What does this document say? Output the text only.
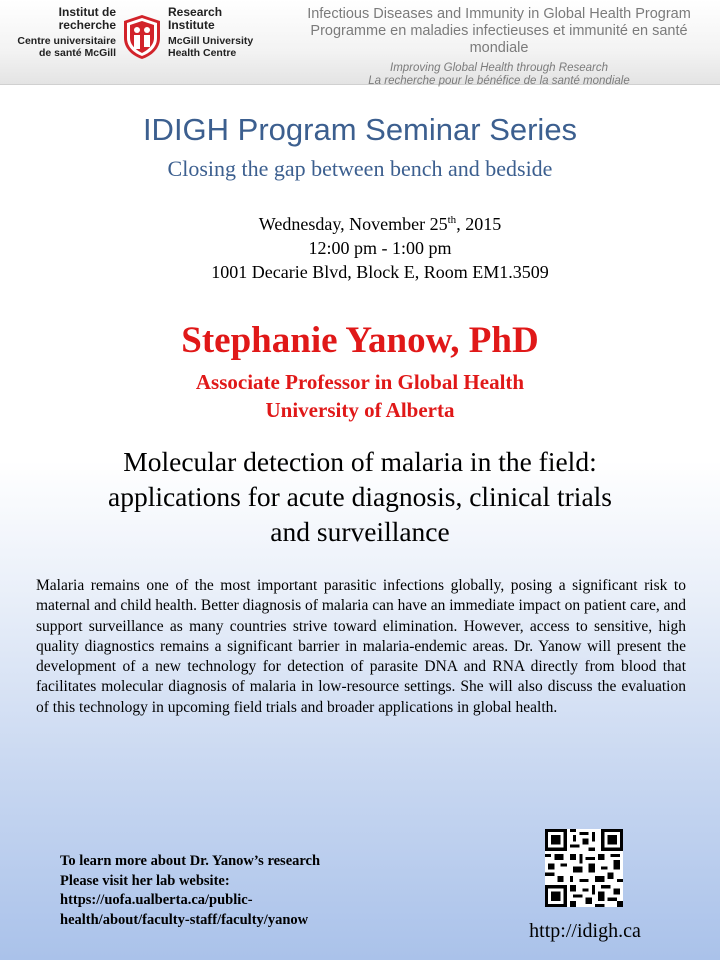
Institut de
recherche
Centre universitaire
de santé McGill
Research
Institute
McGill University
Health Centre
Infectious Diseases and Immunity in Global Health Program
Programme en maladies infectieuses et immunité en santé mondiale
Improving Global Health through Research
La recherche pour le bénéfice de la santé mondiale
IDIGH Program Seminar Series
Closing the gap between bench and bedside
Wednesday, November 25th, 2015
12:00 pm - 1:00 pm
1001 Decarie Blvd, Block E, Room EM1.3509
Stephanie Yanow, PhD
Associate Professor in Global Health
University of Alberta
Molecular detection of malaria in the field:
applications for acute diagnosis, clinical trials
and surveillance
Malaria remains one of the most important parasitic infections globally, posing a significant risk to maternal and child health. Better diagnosis of malaria can have an immediate impact on patient care, and support surveillance as many countries strive toward elimination. However, access to sensitive, high quality diagnostics remains a significant barrier in malaria-endemic areas. Dr. Yanow will present the development of a new technology for detection of parasite DNA and RNA directly from blood that facilitates molecular diagnosis of malaria in low-resource settings. She will also discuss the evaluation of this technology in upcoming field trials and broader applications in global health.
To learn more about Dr. Yanow’s research
Please visit her lab website:
https://uofa.ualberta.ca/public-
health/about/faculty-staff/faculty/yanow
http://idigh.ca
